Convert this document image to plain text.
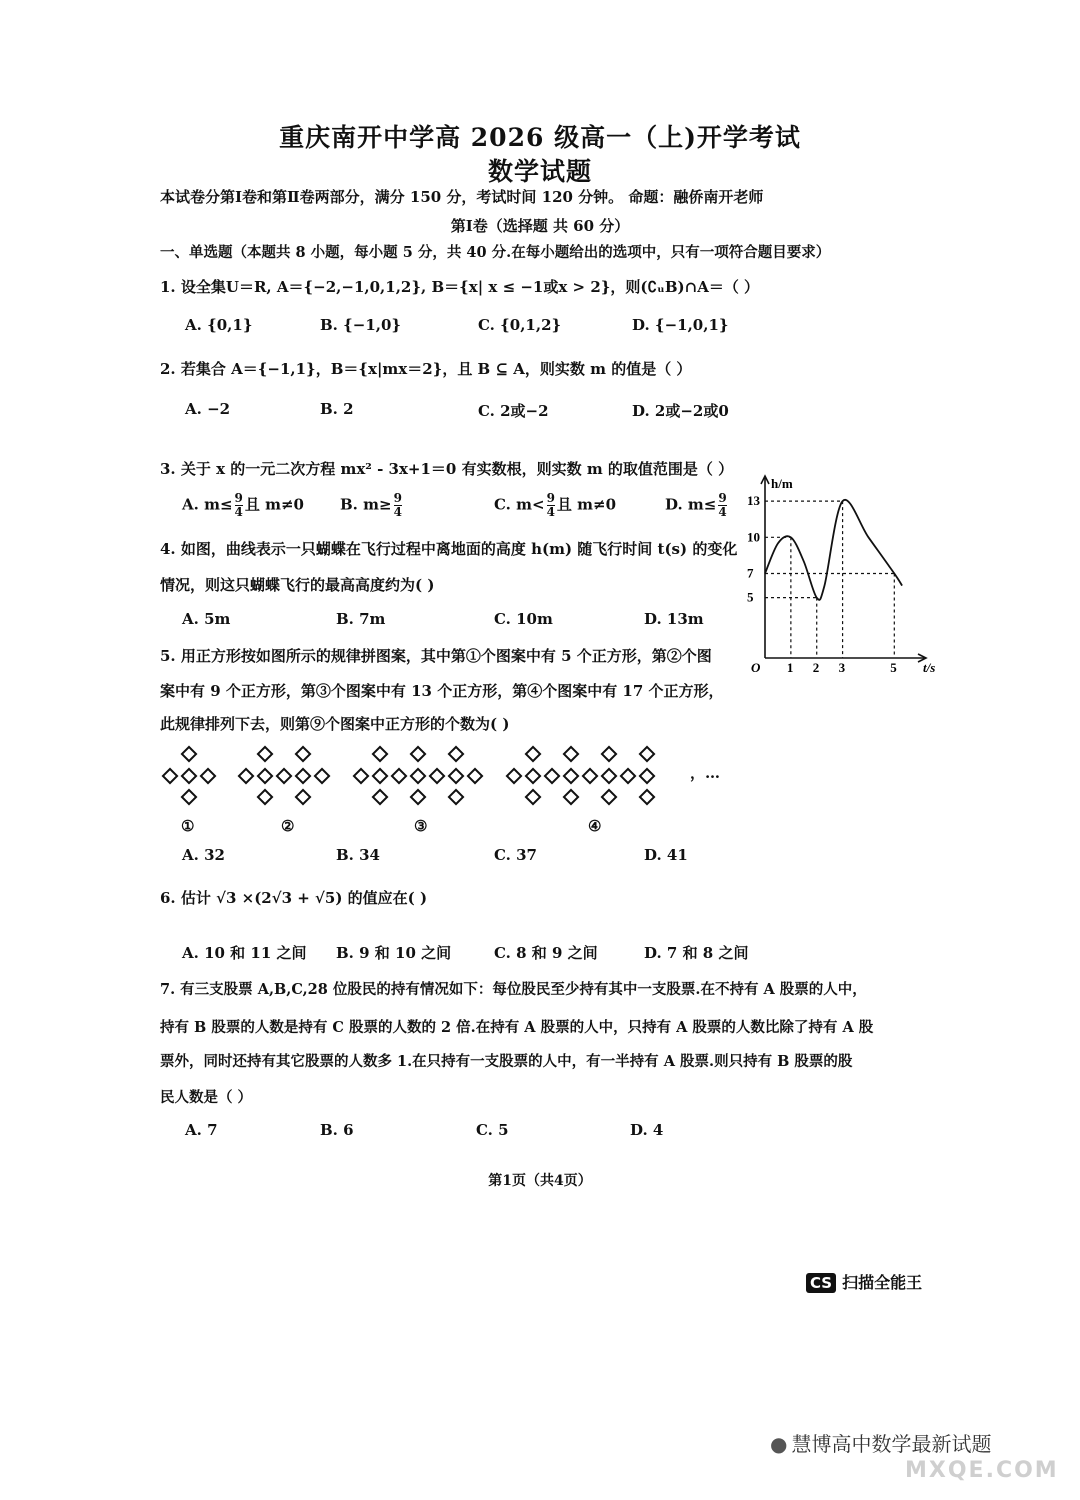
重庆南开中学高 2026 级高一（上)开学考试
数学试题
本试卷分第Ⅰ卷和第Ⅱ卷两部分，满分 150 分，考试时间 120 分钟。 命题：融侨南开老师
第Ⅰ卷（选择题 共 60 分）
一、单选题（本题共 8 小题，每小题 5 分，共 40 分.在每小题给出的选项中，只有一项符合题目要求）
1. 设全集U＝R, A＝{−2,−1,0,1,2}, B＝{x| x ≤ −1或x > 2}，则(∁ᵤB)∩A＝（ ）
A. {0,1}	B. {−1,0}	C. {0,1,2}	D. {−1,0,1}
2. 若集合 A＝{−1,1}，B＝{x|mx＝2}，且 B ⊆ A，则实数 m 的值是（ ）
A. −2	B. 2	C. 2或−2	D. 2或−2或0
3. 关于 x 的一元二次方程 mx² - 3x+1＝0 有实数根，则实数 m 的取值范围是（ ）
A. $m\le \frac{9}{4}$ 且 m≠0 B. $m\ge \frac{9}{4}$	C. $m< \frac{9}{4}$ 且 m≠0	D. $m\le \frac{9}{4}$
4. 如图，曲线表示一只蝴蝶在飞行过程中离地面的高度 h(m) 随飞行时间 t(s) 的变化
情况，则这只蝴蝶飞行的最高高度约为( )
A. 5m	B. 7m	C. 10m	D. 13m
h/m
t/s
O 1 2 3	5
5
7
10
13
5. 用正方形按如图所示的规律拼图案，其中第①个图案中有 5 个正方形，第②个图
案中有 9 个正方形，第③个图案中有 13 个正方形，第④个图案中有 17 个正方形，
此规律排列下去，则第⑨个图案中正方形的个数为( )
，…
①	②	③	④
A. 32	B. 34	C. 37	D. 41
6. 估计 √3 ×(2√3 + √5) 的值应在( )
A. 10 和 11 之间 B. 9 和 10 之间	C. 8 和 9 之间	D. 7 和 8 之间
7. 有三支股票 A,B,C,28 位股民的持有情况如下：每位股民至少持有其中一支股票.在不持有 A 股票的人中，
持有 B 股票的人数是持有 C 股票的人数的 2 倍.在持有 A 股票的人中，只持有 A 股票的人数比除了持有 A 股
票外，同时还持有其它股票的人数多 1.在只持有一支股票的人中，有一半持有 A 股票.则只持有 B 股票的股
民人数是（ ）
A. 7	B. 6	C. 5	D. 4
第1页（共4页）
CS 扫描全能王
● 慧博高中数学最新试题
MXQE.COM
